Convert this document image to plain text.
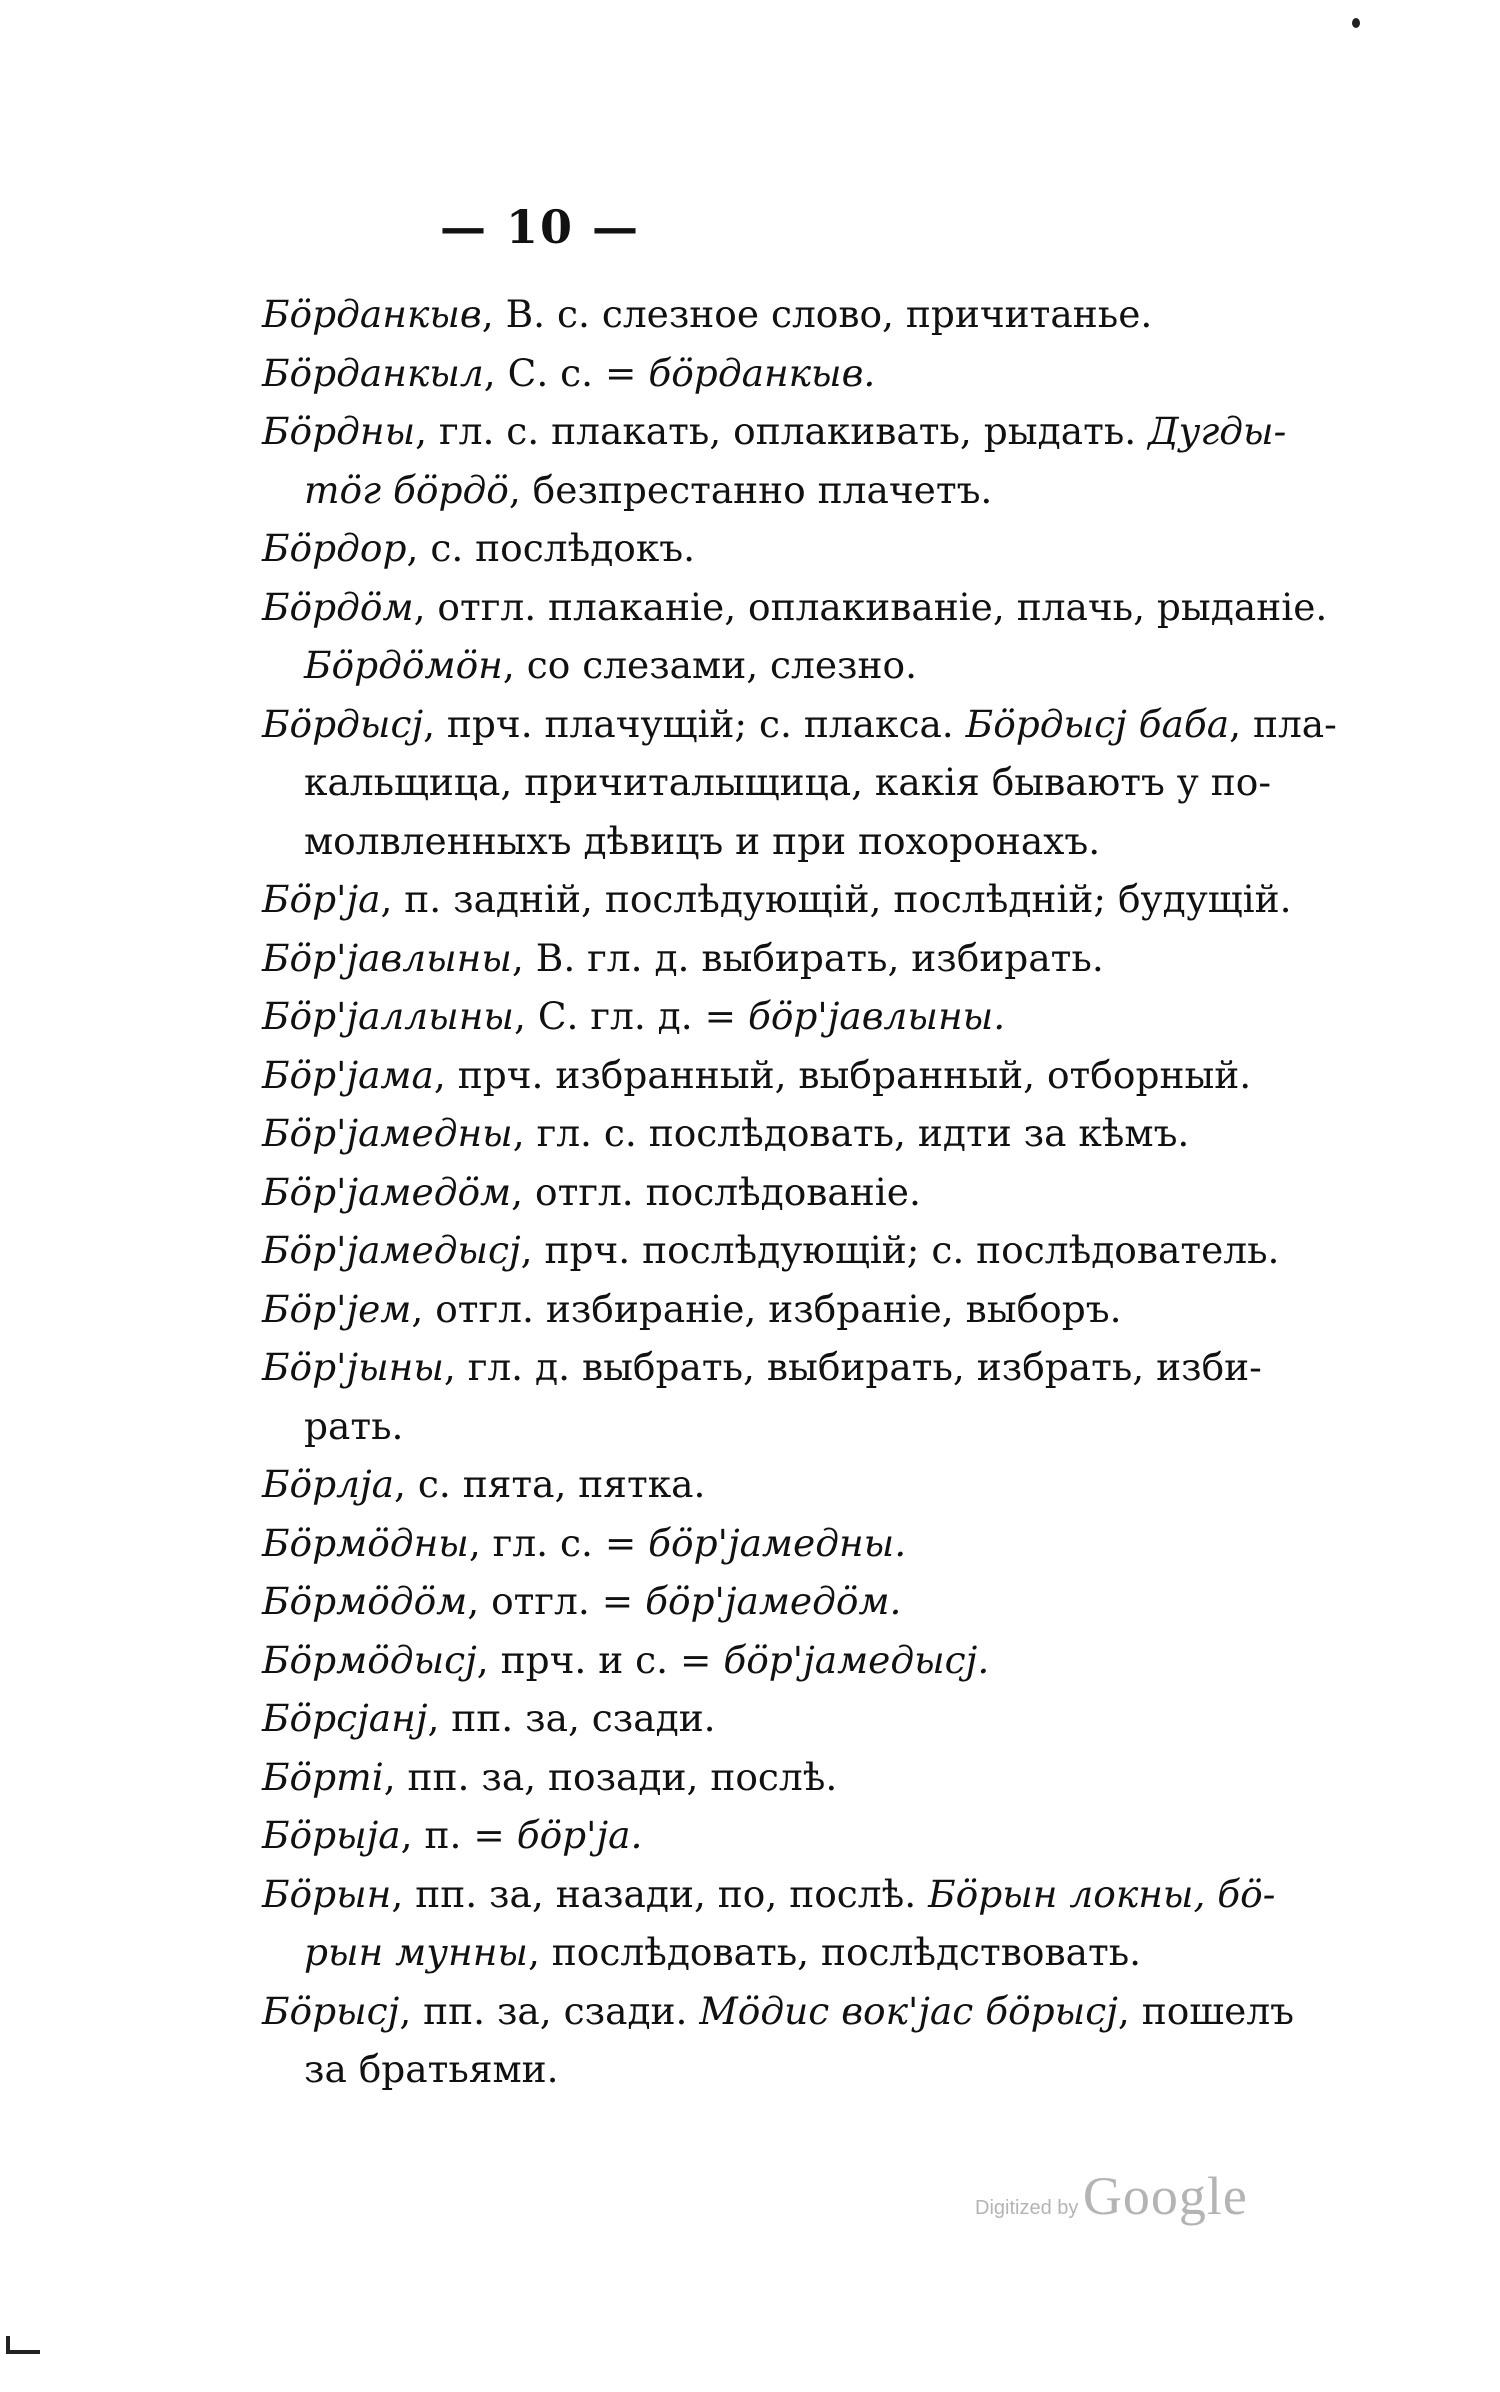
— 10 —

Бöрданкыв, В. с. слезное слово, причитанье.

Бöрданкыл, С. с. = бöрданкыв.

Бöрдны, гл. с. плакать, оплакивать, рыдать. Дугды-
тöг бöрдö, безпрестанно плачетъ.

Бöрдор, с. послѣдокъ.

Бöрдöм, отгл. плаканіе, оплакиваніе, плачь, рыданіе.
Бöрдöмöн, со слезами, слезно.

Бöрдысј, прч. плачущій; с. плакса. Бöрдысј баба, пла-
кальщица, причиталыщица, какія бываютъ у по-
молвленныхъ дѣвицъ и при похоронахъ.

Бöр'ја, п. задній, послѣдующій, послѣдній; будущій.

Бöр'јавлыны, В. гл. д. выбирать, избирать.

Бöр'јаллыны, С. гл. д. = бöр'јавлыны.

Бöр'јама, прч. избранный, выбранный, отборный.

Бöр'јамедны, гл. с. послѣдовать, идти за кѣмъ.

Бöр'јамедöм, отгл. послѣдованіе.

Бöр'јамедысј, прч. послѣдующій; с. послѣдователь.

Бöр'јем, отгл. избираніе, избраніе, выборъ.

Бöр'јыны, гл. д. выбрать, выбирать, избрать, изби-
рать.

Бöрлја, с. пята, пятка.

Бöрмöдны, гл. с. = бöр'јамедны.

Бöрмöдöм, отгл. = бöр'јамедöм.

Бöрмöдысј, прч. и с. = бöр'јамедысј.

Бöрсјанј, пп. за, сзади.

Бöрті, пп. за, позади, послѣ.

Бöрыја, п. = бöр'ја.

Бöрын, пп. за, назади, по, послѣ. Бöрын локны, бö-
рын мунны, послѣдовать, послѣдствовать.

Бöрысј, пп. за, сзади. Мöдис вок'јас бöрысј, пошелъ
за братьями.

Digitized by Google
